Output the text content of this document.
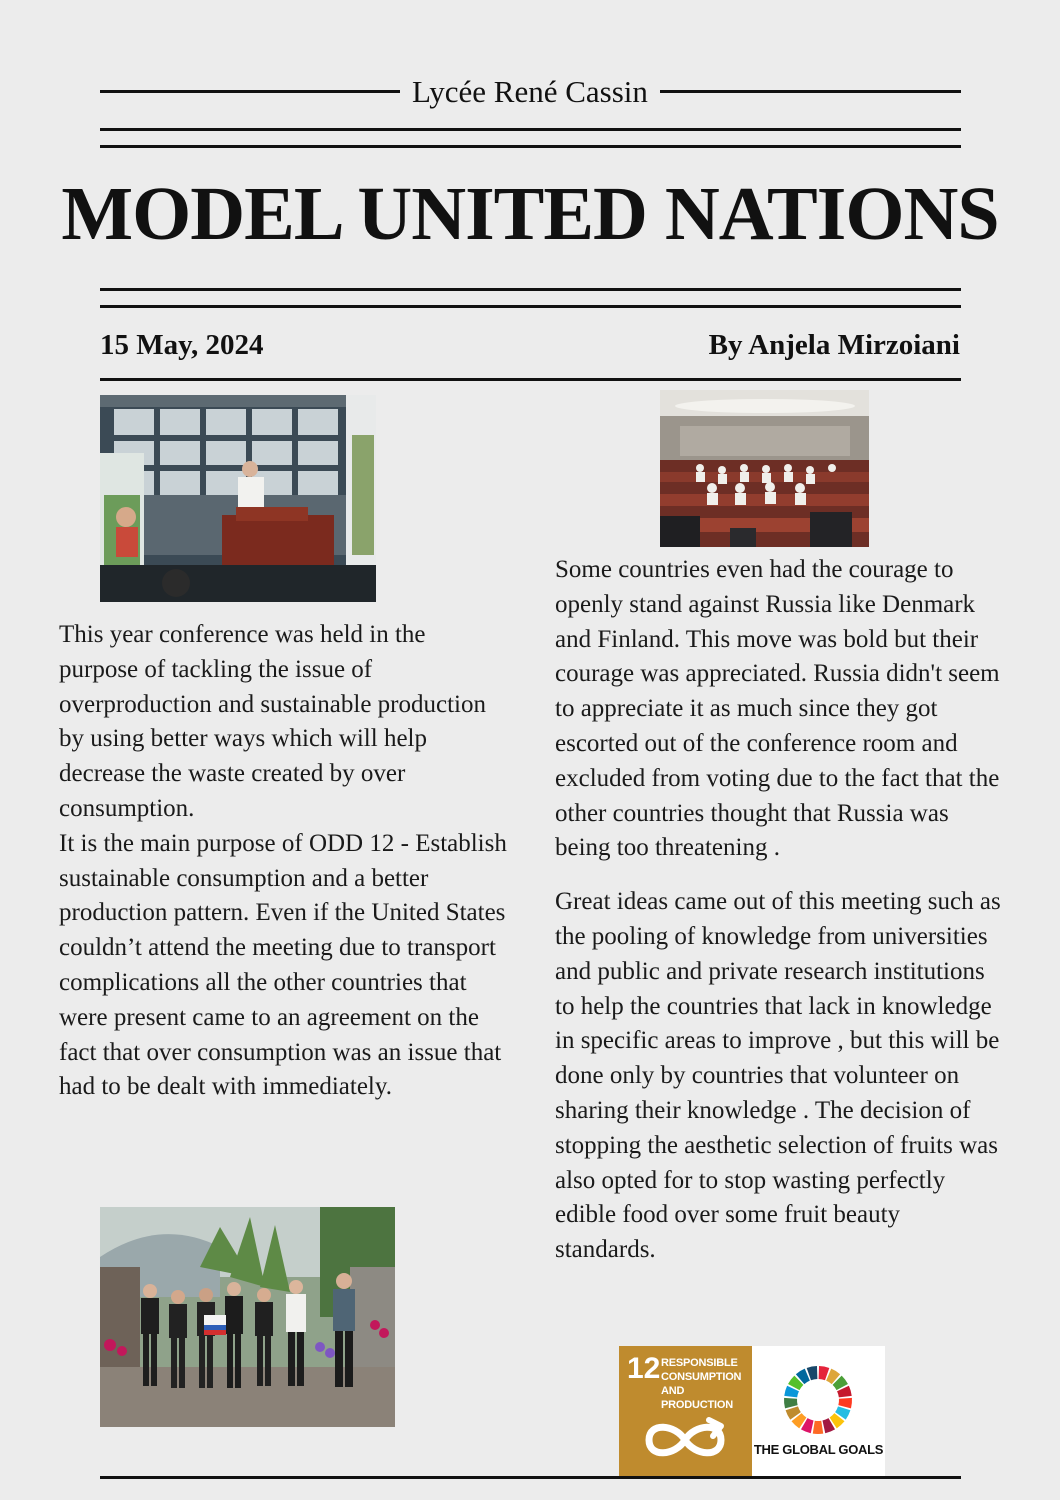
Lycée René Cassin
MODEL UNITED NATIONS
15 May, 2024	By Anjela Mirzoiani

This year conference was held in the purpose of tackling the issue of overproduction and sustainable production by using better ways which will help decrease the waste created by over consumption.

It is the main purpose of ODD 12 - Establish sustainable consumption and a better production pattern. Even if the United States couldn’t attend the meeting due to transport complications all the other countries that were present came to an agreement on the fact that over consumption was an issue that had to be dealt with immediately.

Some countries even had the courage to openly stand against Russia like Denmark and Finland. This move was bold but their courage was appreciated. Russia didn't seem to appreciate it as much since they got escorted out of the conference room and excluded from voting due to the fact that the other countries thought that Russia was being too threatening .

Great ideas came out of this meeting such as the pooling of knowledge from universities and public and private research institutions to help the countries that lack in knowledge in specific areas to improve , but this will be done only by countries that volunteer on sharing their knowledge . The decision of stopping the aesthetic selection of fruits was also opted for to stop wasting perfectly edible food over some fruit beauty standards.

12 RESPONSIBLE
CONSUMPTION
AND PRODUCTION
THE GLOBAL GOALS
